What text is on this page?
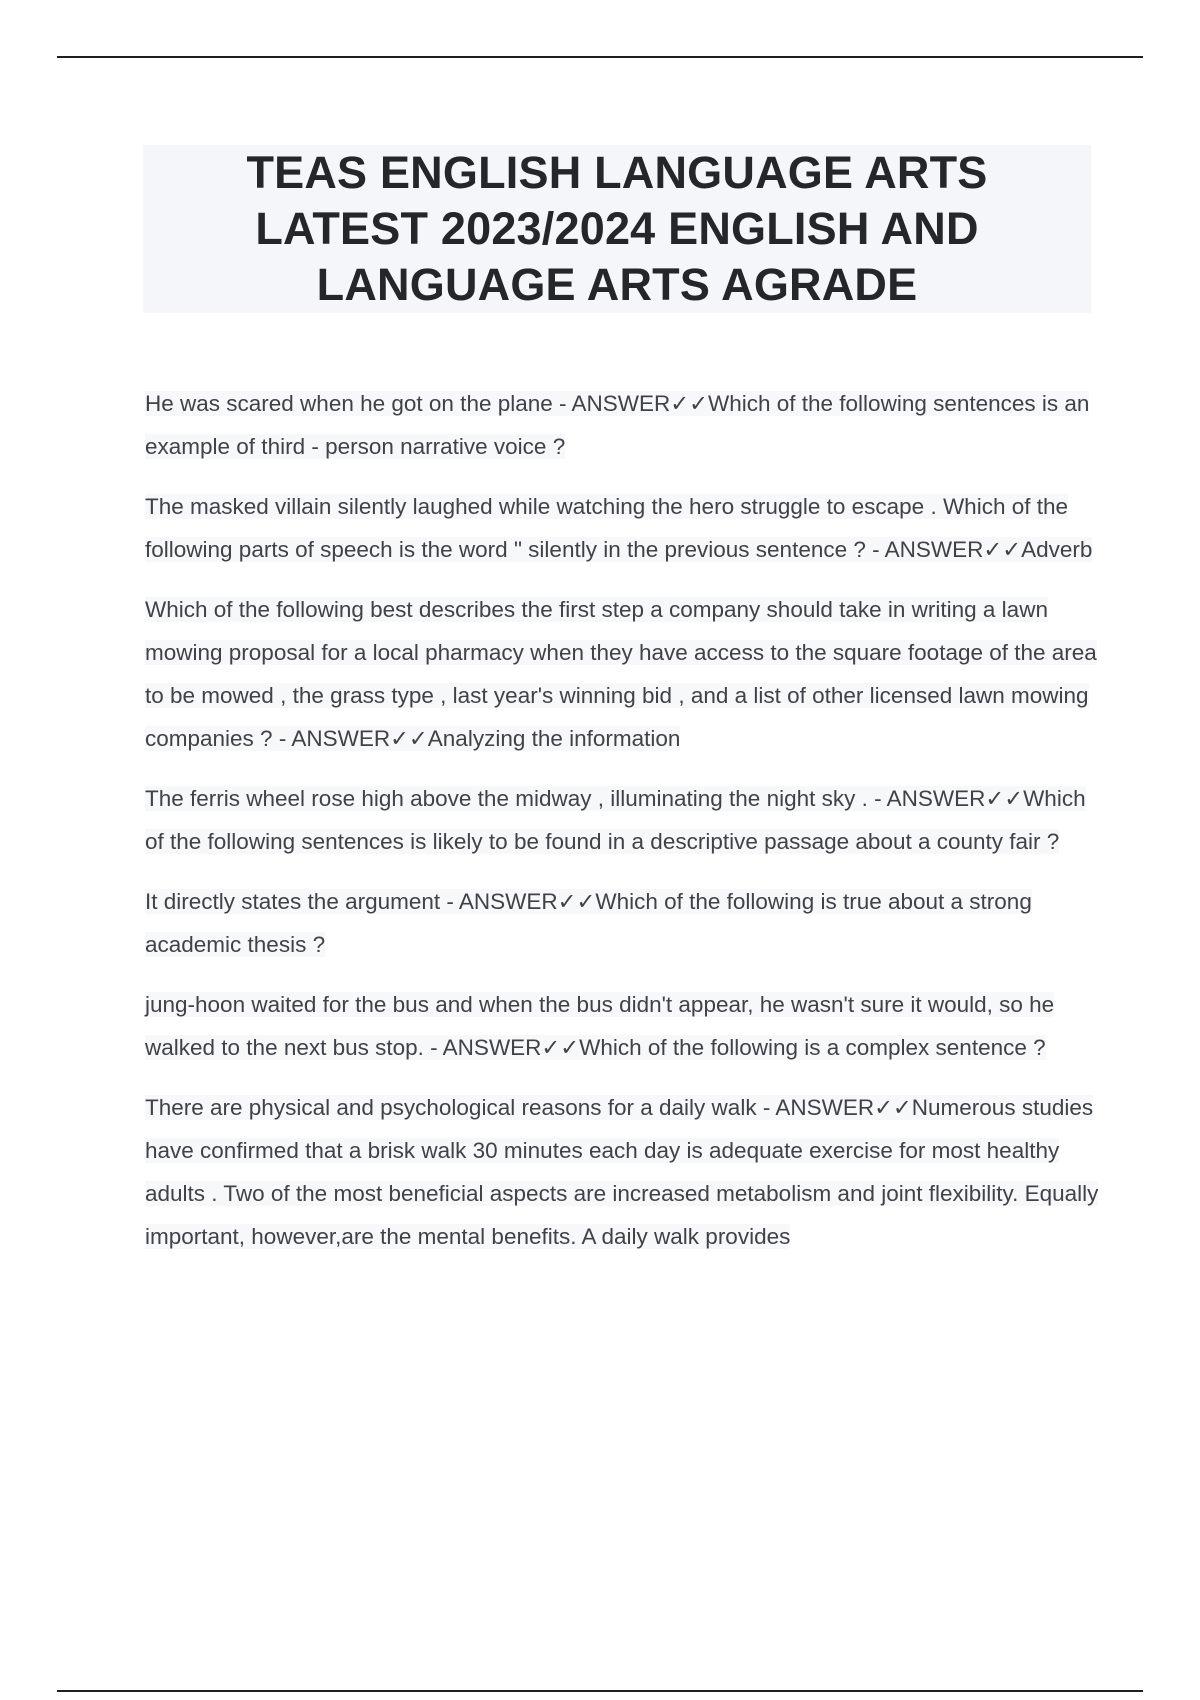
TEAS ENGLISH LANGUAGE ARTS
LATEST 2023/2024 ENGLISH AND
LANGUAGE ARTS AGRADE

He was scared when he got on the plane - ANSWER✓✓Which of the following sentences is an example of third - person narrative voice ?

The masked villain silently laughed while watching the hero struggle to escape . Which of the following parts of speech is the word " silently in the previous sentence ? - ANSWER✓✓Adverb

Which of the following best describes the first step a company should take in writing a lawn mowing proposal for a local pharmacy when they have access to the square footage of the area to be mowed , the grass type , last year's winning bid , and a list of other licensed lawn mowing companies ? - ANSWER✓✓Analyzing the information

The ferris wheel rose high above the midway , illuminating the night sky . - ANSWER✓✓Which of the following sentences is likely to be found in a descriptive passage about a county fair ?

It directly states the argument - ANSWER✓✓Which of the following is true about a strong academic thesis ?

jung-hoon waited for the bus and when the bus didn't appear, he wasn't sure it would, so he walked to the next bus stop. - ANSWER✓✓Which of the following is a complex sentence ?

There are physical and psychological reasons for a daily walk - ANSWER✓✓Numerous studies have confirmed that a brisk walk 30 minutes each day is adequate exercise for most healthy adults . Two of the most beneficial aspects are increased metabolism and joint flexibility. Equally important, however,are the mental benefits. A daily walk provides
